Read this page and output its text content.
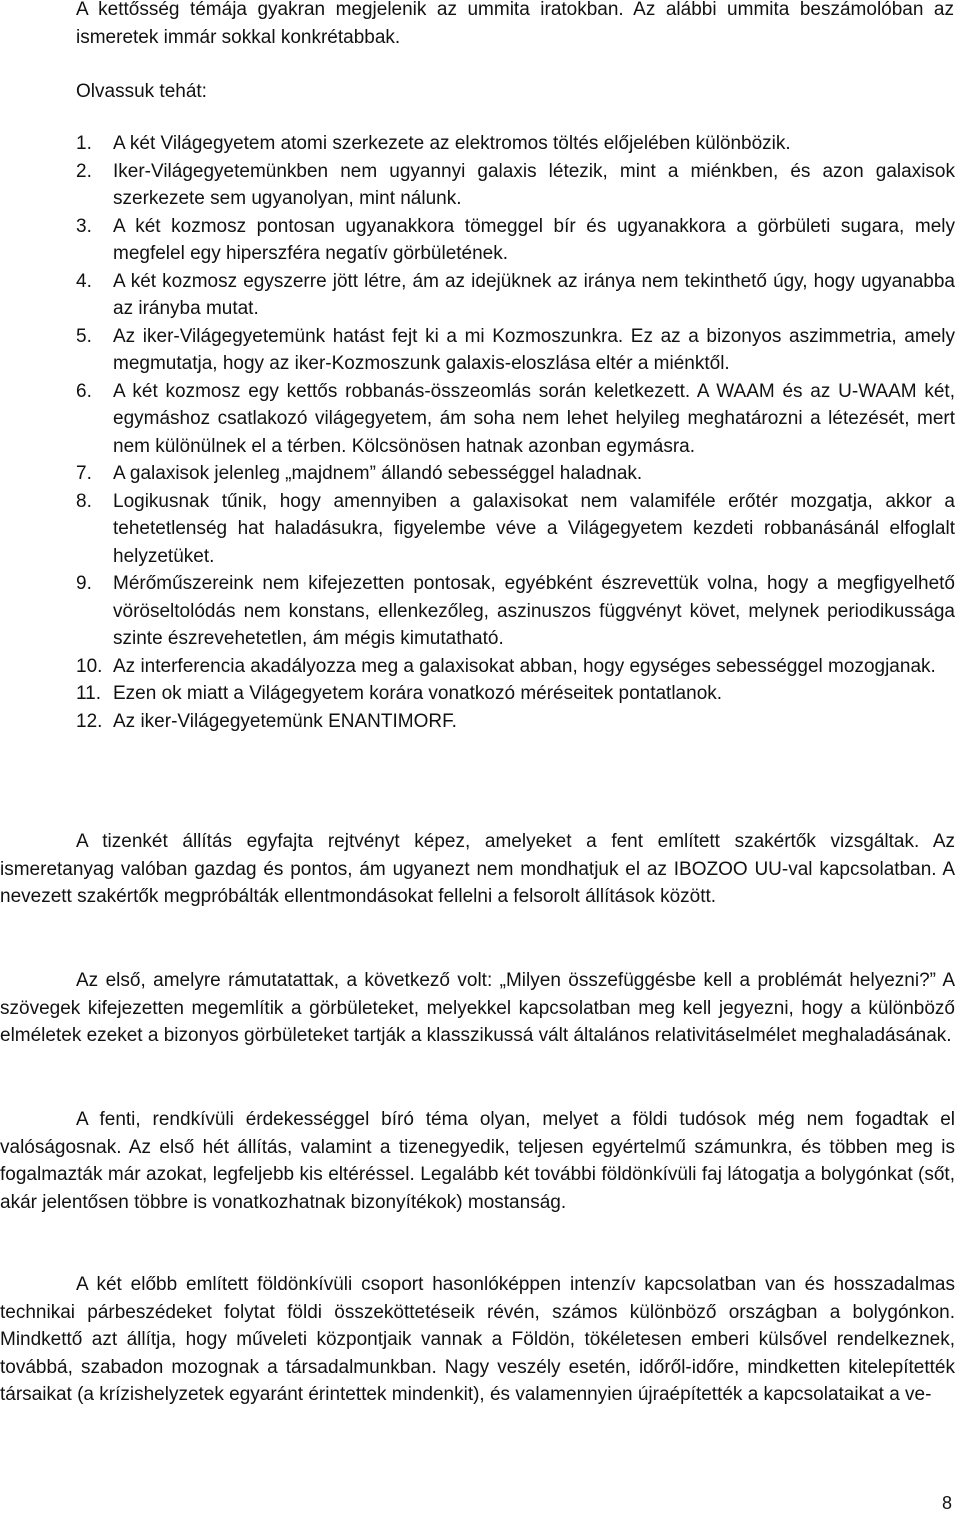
A kettősség témája gyakran megjelenik az ummita iratokban. Az alábbi ummita beszámolóban az ismeretek immár sokkal konkrétabbak.

Olvassuk tehát:

1. A két Világegyetem atomi szerkezete az elektromos töltés előjelében különbözik.
2. Iker-Világegyetemünkben nem ugyannyi galaxis létezik, mint a miénkben, és azon galaxisok szerkezete sem ugyanolyan, mint nálunk.
3. A két kozmosz pontosan ugyanakkora tömeggel bír és ugyanakkora a görbületi sugara, mely megfelel egy hiperszféra negatív görbületének.
4. A két kozmosz egyszerre jött létre, ám az idejüknek az iránya nem tekinthető úgy, hogy ugyanabba az irányba mutat.
5. Az iker-Világegyetemünk hatást fejt ki a mi Kozmoszunkra. Ez az a bizonyos aszimmetria, amely megmutatja, hogy az iker-Kozmoszunk galaxis-eloszlása eltér a miénktől.
6. A két kozmosz egy kettős robbanás-összeomlás során keletkezett. A WAAM és az U-WAAM két, egymáshoz csatlakozó világegyetem, ám soha nem lehet helyileg meghatározni a létezését, mert nem különülnek el a térben. Kölcsönösen hatnak azonban egymásra.
7. A galaxisok jelenleg „majdnem” állandó sebességgel haladnak.
8. Logikusnak tűnik, hogy amennyiben a galaxisokat nem valamiféle erőtér mozgatja, akkor a tehetetlenség hat haladásukra, figyelembe véve a Világegyetem kezdeti robbanásánál elfoglalt helyzetüket.
9. Mérőműszereink nem kifejezetten pontosak, egyébként észrevettük volna, hogy a megfigyelhető vöröseltolódás nem konstans, ellenkezőleg, aszinuszos függvényt követ, melynek periodikussága szinte észrevehetetlen, ám mégis kimutatható.
10. Az interferencia akadályozza meg a galaxisokat abban, hogy egységes sebességgel mozogjanak.
11. Ezen ok miatt a Világegyetem korára vonatkozó méréseitek pontatlanok.
12. Az iker-Világegyetemünk ENANTIMORF.

A tizenkét állítás egyfajta rejtvényt képez, amelyeket a fent említett szakértők vizsgáltak. Az ismeretanyag valóban gazdag és pontos, ám ugyanezt nem mondhatjuk el az IBOZOO UU-val kapcsolatban. A nevezett szakértők megpróbálták ellentmondásokat fellelni a felsorolt állítások között.

Az első, amelyre rámutatattak, a következő volt: „Milyen összefüggésbe kell a problémát helyezni?” A szövegek kifejezetten megemlítik a görbületeket, melyekkel kapcsolatban meg kell jegyezni, hogy a különböző elméletek ezeket a bizonyos görbületeket tartják a klasszikussá vált általános relativitáselmélet meghaladásának.

A fenti, rendkívüli érdekességgel bíró téma olyan, melyet a földi tudósok még nem fogadtak el valóságosnak. Az első hét állítás, valamint a tizenegyedik, teljesen egyértelmű számunkra, és többen meg is fogalmazták már azokat, legfeljebb kis eltéréssel. Legalább két további földönkívüli faj látogatja a bolygónkat (sőt, akár jelentősen többre is vonatkozhatnak bizonyítékok) mostanság.

A két előbb említett földönkívüli csoport hasonlóképpen intenzív kapcsolatban van és hosszadalmas technikai párbeszédeket folytat földi összeköttetéseik révén, számos különböző országban a bolygónkon. Mindkettő azt állítja, hogy műveleti központjaik vannak a Földön, tökéletesen emberi külsővel rendelkeznek, továbbá, szabadon mozognak a társadalmunkban. Nagy veszély esetén, időről-időre, mindketten kitelepítették társaikat (a krízishelyzetek egyaránt érintettek mindenkit), és valamennyien újraépítették a kapcsolataikat a ve-

8
